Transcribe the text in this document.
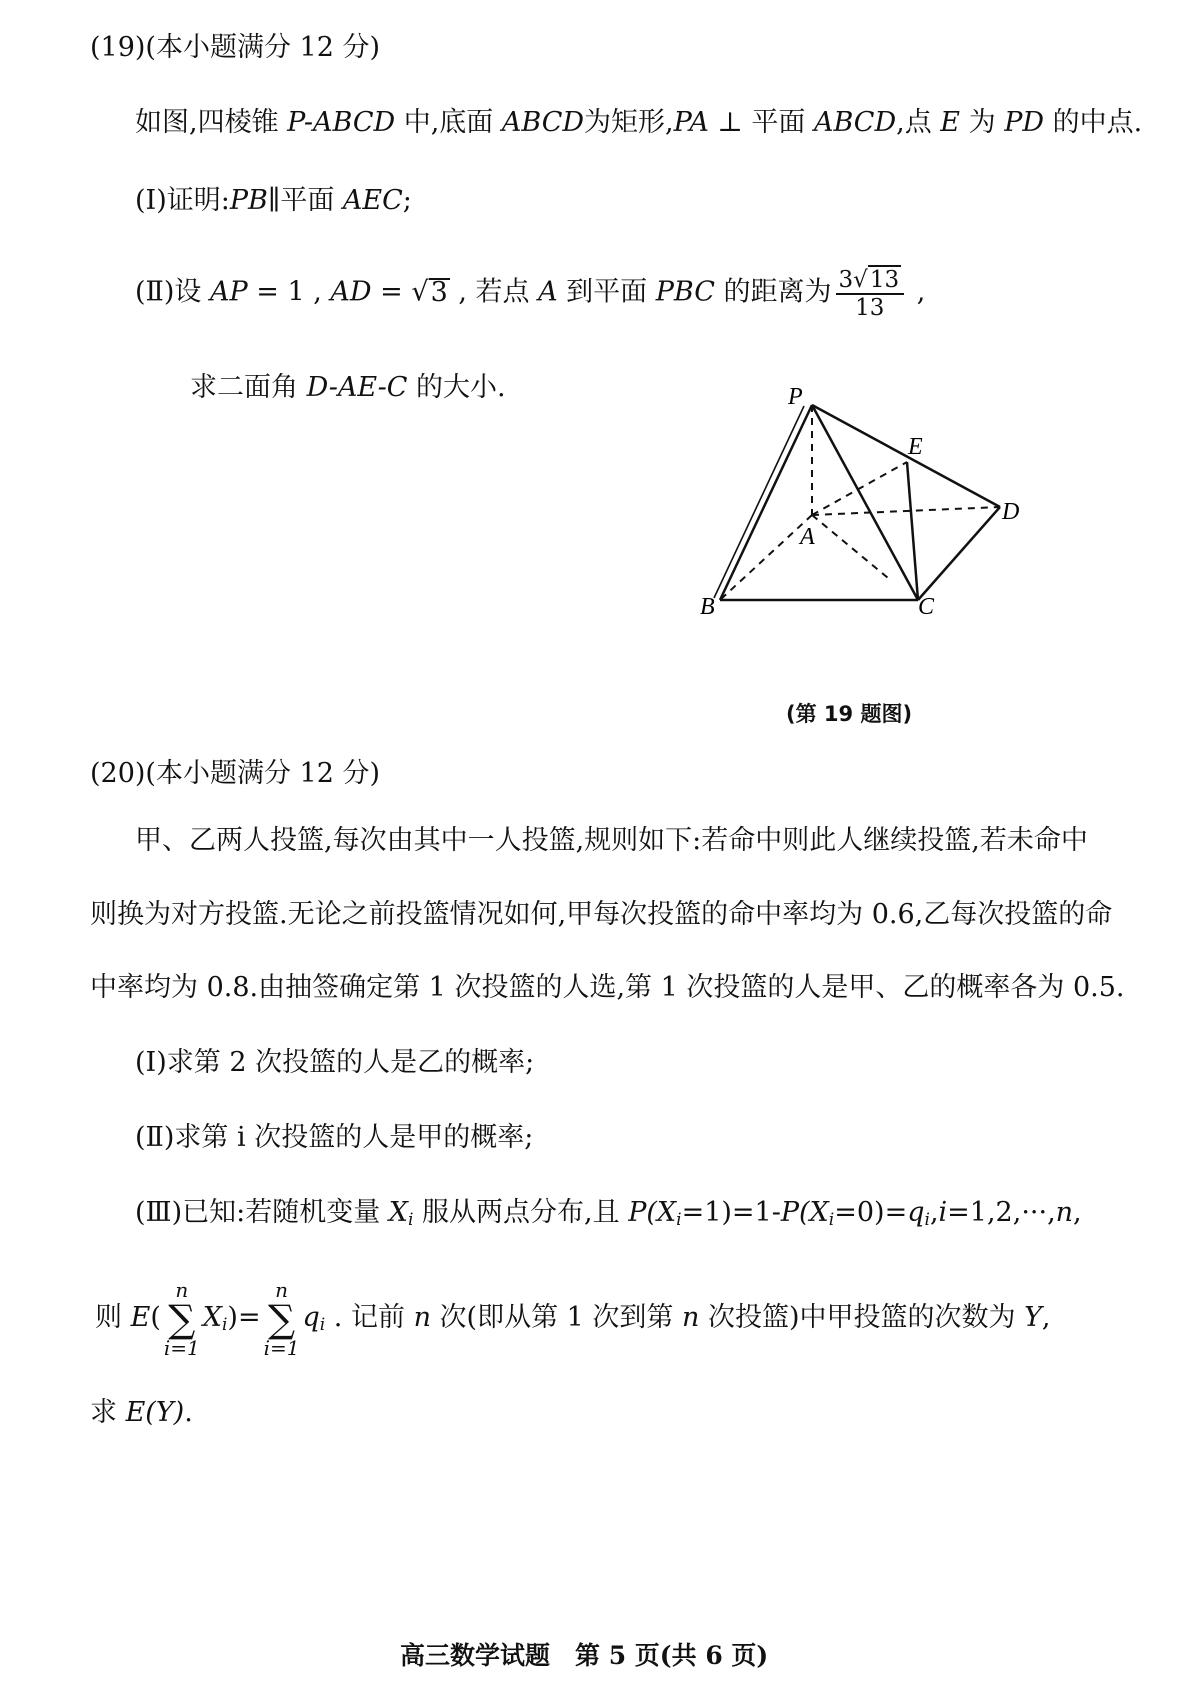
(19)(本小题满分 12 分)
如图,四棱锥 P-ABCD 中,底面 ABCD为矩形,PA ⊥ 平面 ABCD,点 E 为 PD 的中点.
(Ⅰ)证明:PB∥平面 AEC;
(Ⅱ)设 AP = 1 , AD = √3 , 若点 A 到平面 PBC 的距离为 $\frac{3√13}{13}$ ,
求二面角 D-AE-C 的大小.	P
E
D
A
B	C
(第 19 题图)
(20)(本小题满分 12 分)
甲、乙两人投篮,每次由其中一人投篮,规则如下:若命中则此人继续投篮,若未命中
则换为对方投篮.无论之前投篮情况如何,甲每次投篮的命中率均为 0.6,乙每次投篮的命
中率均为 0.8.由抽签确定第 1 次投篮的人选,第 1 次投篮的人是甲、乙的概率各为 0.5.
(Ⅰ)求第 2 次投篮的人是乙的概率;
(Ⅱ)求第 i 次投篮的人是甲的概率;
(Ⅲ)已知:若随机变量 $X_i$ 服从两点分布,且 $P(X_i=1)=1-P(X_i=0)=q_i,i=1,2,\cdot\cdot\cdot,n$,
则 E(n
∑
$i=1X_i)=n$
∑
$i=1q_i$ . 记前 n 次(即从第 1 次到第 n 次投篮)中甲投篮的次数为 Y,
求 E(Y).
高三数学试题　第 5 页(共 6 页)
